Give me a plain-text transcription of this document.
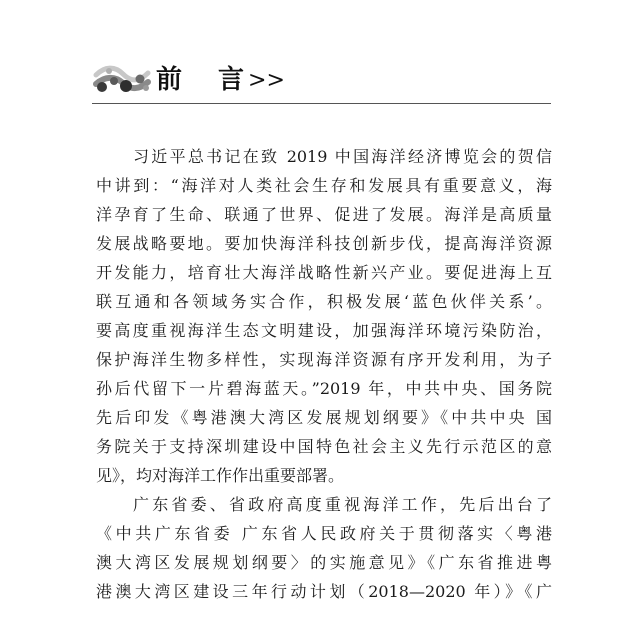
前 言 >>
习近平总书记在致 2019 中国海洋经济博览会的贺信
中讲到：“海洋对人类社会生存和发展具有重要意义，海
洋孕育了生命、联通了世界、促进了发展。海洋是高质量
发展战略要地。要加快海洋科技创新步伐，提高海洋资源
开发能力，培育壮大海洋战略性新兴产业。要促进海上互
联互通和各领域务实合作，积极发展‘蓝色伙伴关系’。
要高度重视海洋生态文明建设，加强海洋环境污染防治，
保护海洋生物多样性，实现海洋资源有序开发利用，为子
孙后代留下一片碧海蓝天。”2019 年，中共中央、国务院
先后印发《粤港澳大湾区发展规划纲要》《中共中央 国
务院关于支持深圳建设中国特色社会主义先行示范区的意
见》，均对海洋工作作出重要部署。
广东省委、省政府高度重视海洋工作，先后出台了
《中共广东省委 广东省人民政府关于贯彻落实〈粤港
澳大湾区发展规划纲要〉的实施意见》《广东省推进粤
港澳大湾区建设三年行动计划（2018—2020 年）》《广
